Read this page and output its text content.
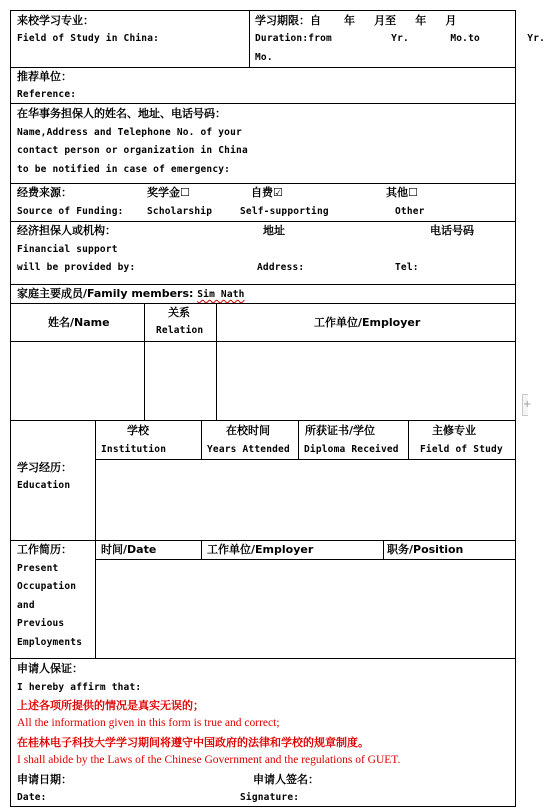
来校学习专业：
Field of Study in China:
学习期限：自      年     月至     年     月
Duration:from          Yr.       Mo.to        Yr.
Mo.
推荐单位：
Reference:
在华事务担保人的姓名、地址、电话号码：
Name,Address and Telephone No. of your
contact person or organization in China
to be notified in case of emergency:
经费来源：
Source of Funding:
奖学金☐
Scholarship
自费☑
Self-supporting
其他☐
Other
经济担保人或机构：
Financial support
will be provided by:
地址
Address:
电话号码
Tel:
家庭主要成员/Family members: Sim Nath
姓名/Name
关系
Relation
工作单位/Employer
学习经历：
Education
学校
Institution
在校时间
Years Attended
所获证书/学位
Diploma Received
主修专业
Field of Study
工作简历：
Present
Occupation
and
Previous
Employments
时间/Date	工作单位/Employer	职务/Position
申请人保证：
I hereby affirm that:
上述各项所提供的情况是真实无误的；
All the information given in this form is true and correct;
在桂林电子科技大学学习期间将遵守中国政府的法律和学校的规章制度。
I shall abide by the Laws of the Chinese Government and the regulations of GUET.
申请日期：
Date:
申请人签名：
Signature:
+
